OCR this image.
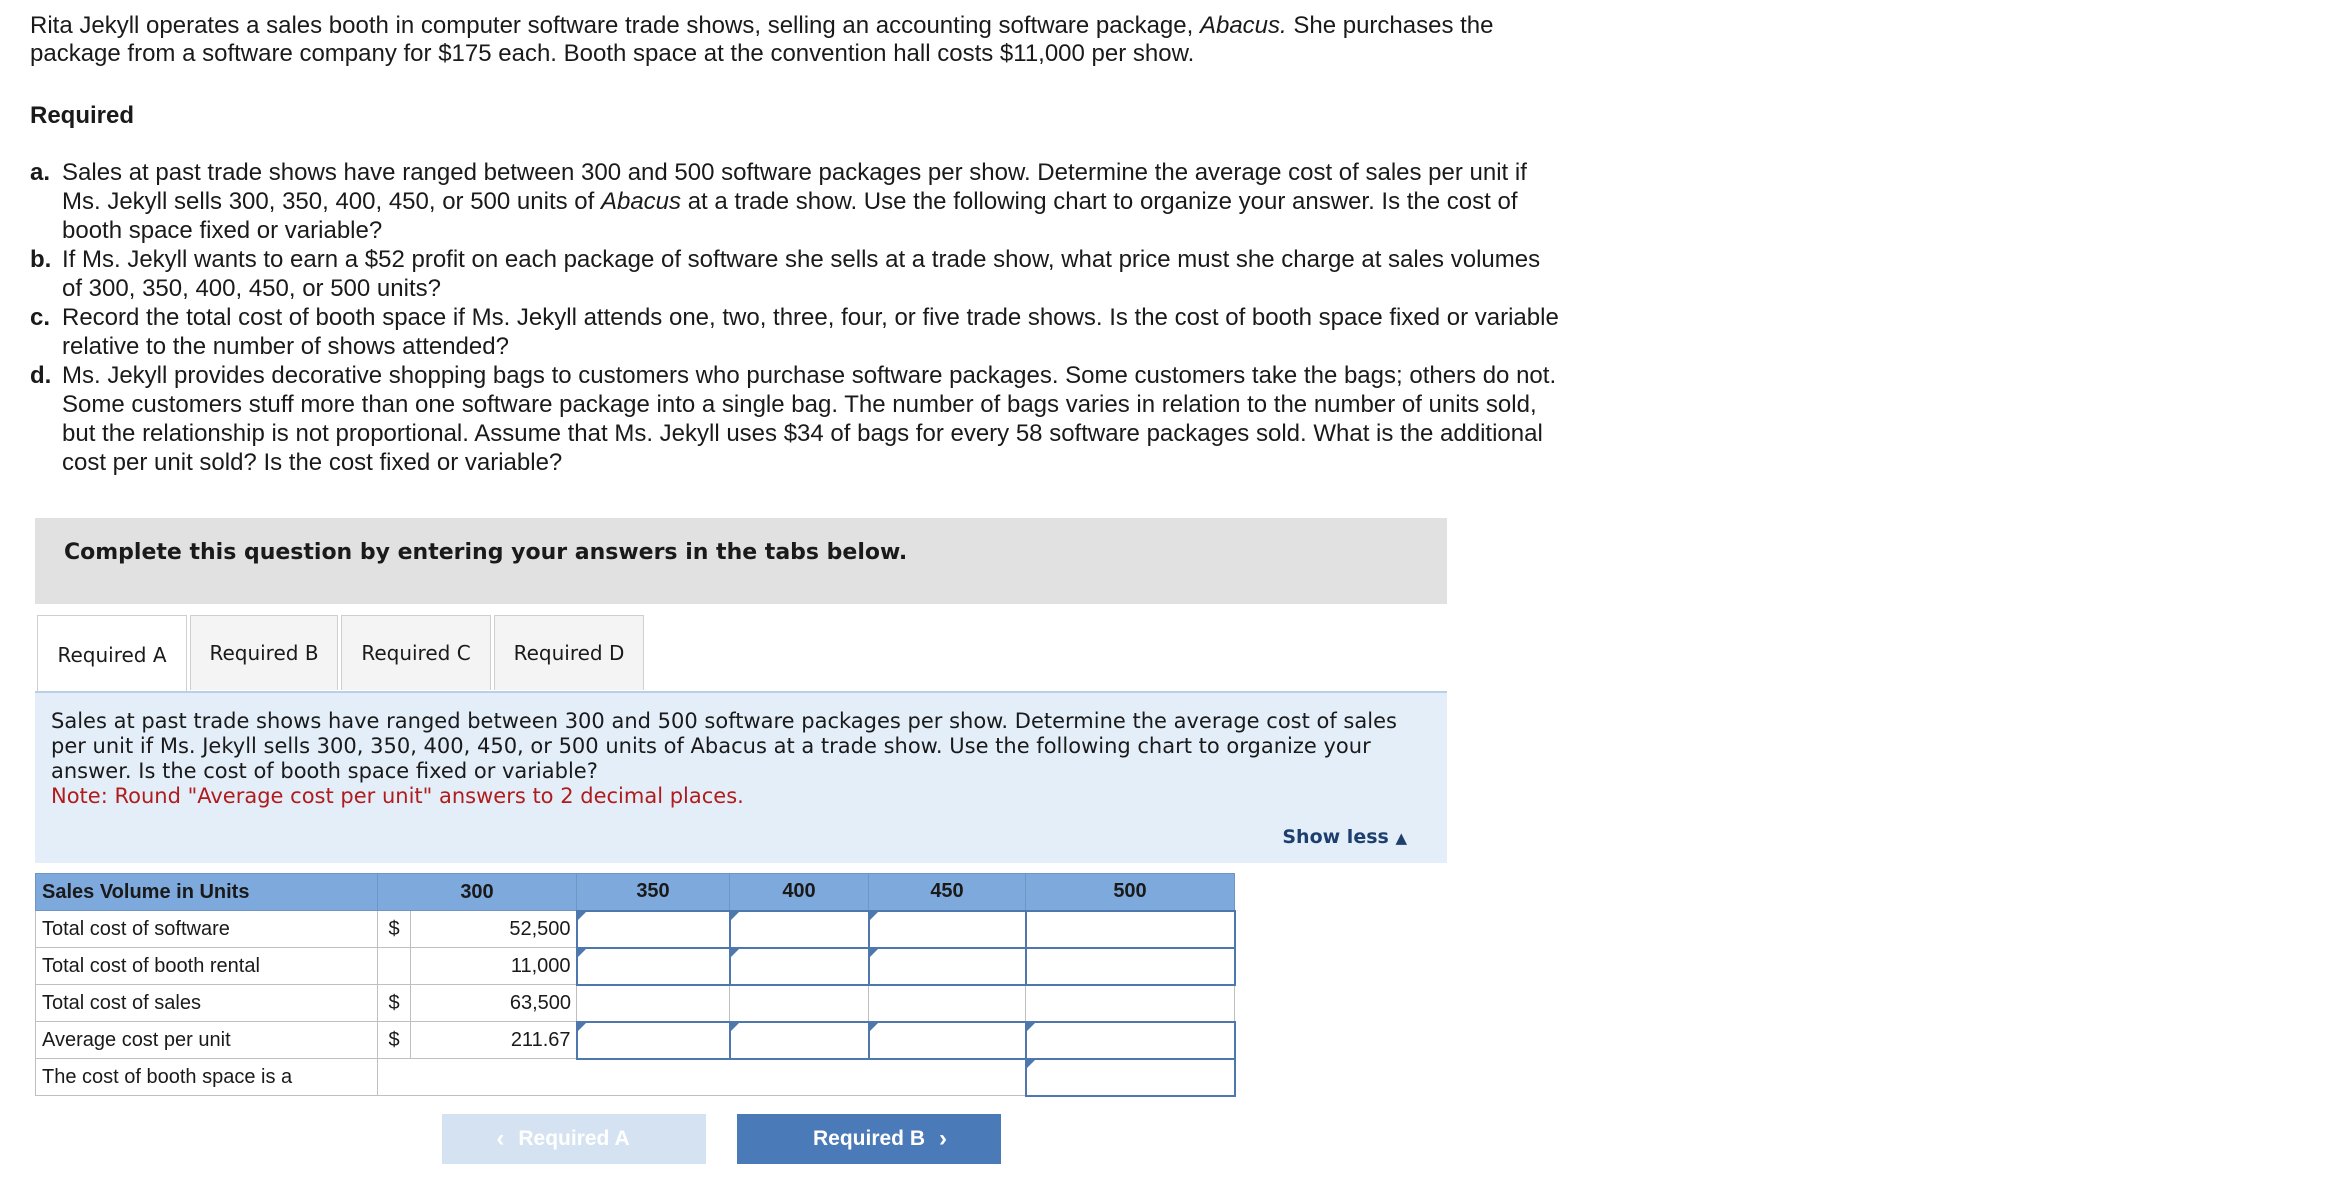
Rita Jekyll operates a sales booth in computer software trade shows, selling an accounting software package, Abacus. She purchases the package from a software company for $175 each. Booth space at the convention hall costs $11,000 per show.
Required
a. Sales at past trade shows have ranged between 300 and 500 software packages per show. Determine the average cost of sales per unit if Ms. Jekyll sells 300, 350, 400, 450, or 500 units of Abacus at a trade show. Use the following chart to organize your answer. Is the cost of booth space fixed or variable?
b. If Ms. Jekyll wants to earn a $52 profit on each package of software she sells at a trade show, what price must she charge at sales volumes of 300, 350, 400, 450, or 500 units?
c. Record the total cost of booth space if Ms. Jekyll attends one, two, three, four, or five trade shows. Is the cost of booth space fixed or variable relative to the number of shows attended?
d. Ms. Jekyll provides decorative shopping bags to customers who purchase software packages. Some customers take the bags; others do not. Some customers stuff more than one software package into a single bag. The number of bags varies in relation to the number of units sold, but the relationship is not proportional. Assume that Ms. Jekyll uses $34 of bags for every 58 software packages sold. What is the additional cost per unit sold? Is the cost fixed or variable?
Complete this question by entering your answers in the tabs below.
Required A	Required B	Required C	Required D
Sales at past trade shows have ranged between 300 and 500 software packages per show. Determine the average cost of sales per unit if Ms. Jekyll sells 300, 350, 400, 450, or 500 units of Abacus at a trade show. Use the following chart to organize your answer. Is the cost of booth space fixed or variable?
Note: Round "Average cost per unit" answers to 2 decimal places.
Show less ▲
Sales Volume in Units	300		350	400	450	500
Total cost of software	$	52,500	

Total cost of booth rental		11,000	

Total cost of sales	$	63,500				
Average cost per unit	$	211.67	

The cost of booth space is a						
‹ Required A	Required B ›
